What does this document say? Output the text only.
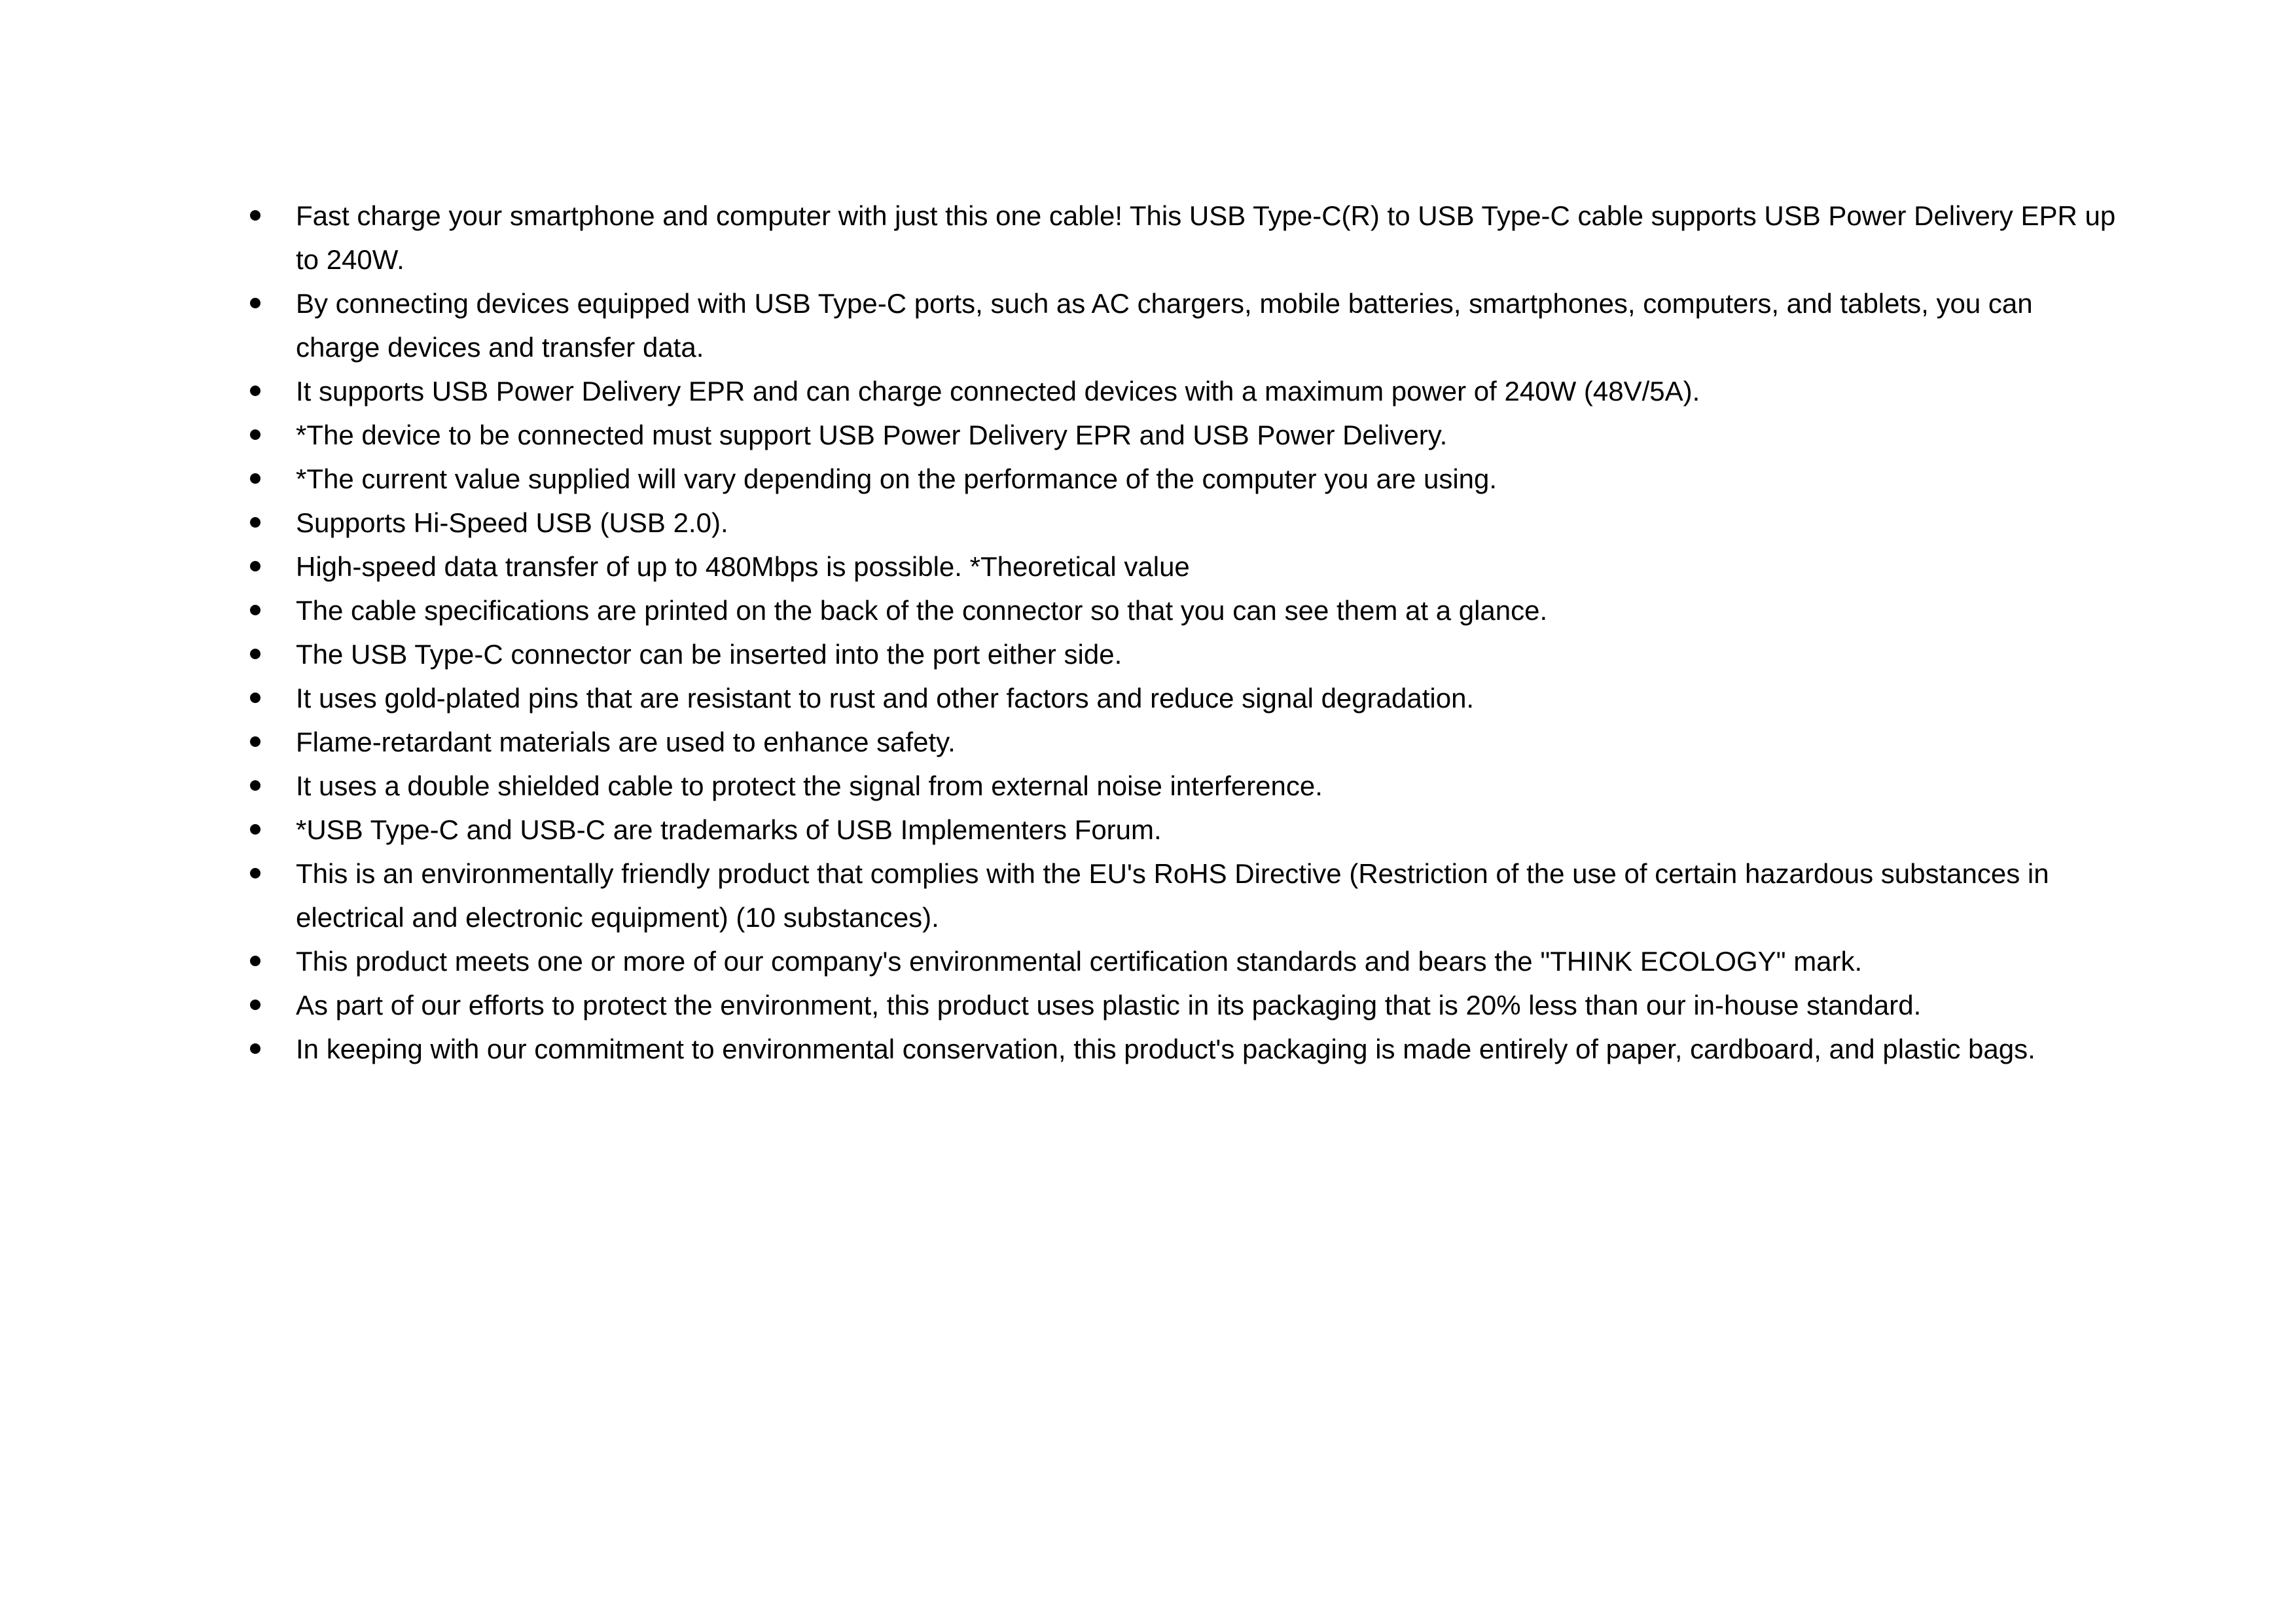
Fast charge your smartphone and computer with just this one cable! This USB Type-C(R) to USB Type-C cable supports USB Power Delivery EPR up to 240W.
By connecting devices equipped with USB Type-C ports, such as AC chargers, mobile batteries, smartphones, computers, and tablets, you can charge devices and transfer data.
It supports USB Power Delivery EPR and can charge connected devices with a maximum power of 240W (48V/5A).
*The device to be connected must support USB Power Delivery EPR and USB Power Delivery.
*The current value supplied will vary depending on the performance of the computer you are using.
Supports Hi-Speed USB (USB 2.0).
High-speed data transfer of up to 480Mbps is possible. *Theoretical value
The cable specifications are printed on the back of the connector so that you can see them at a glance.
The USB Type-C connector can be inserted into the port either side.
It uses gold-plated pins that are resistant to rust and other factors and reduce signal degradation.
Flame-retardant materials are used to enhance safety.
It uses a double shielded cable to protect the signal from external noise interference.
*USB Type-C and USB-C are trademarks of USB Implementers Forum.
This is an environmentally friendly product that complies with the EU's RoHS Directive (Restriction of the use of certain hazardous substances in electrical and electronic equipment) (10 substances).
This product meets one or more of our company's environmental certification standards and bears the "THINK ECOLOGY" mark.
As part of our efforts to protect the environment, this product uses plastic in its packaging that is 20% less than our in-house standard.
In keeping with our commitment to environmental conservation, this product's packaging is made entirely of paper, cardboard, and plastic bags.
